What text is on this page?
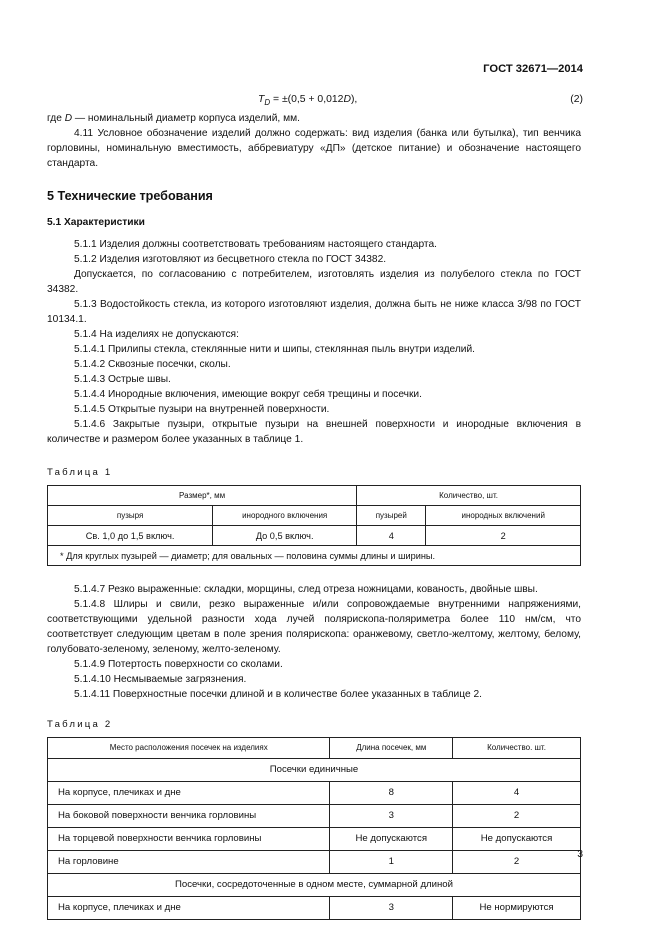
ГОСТ 32671—2014
$T_D = \pm(0,5 + 0,012D)$,	(2)

где D — номинальный диаметр корпуса изделий, мм.

4.11 Условное обозначение изделий должно содержать: вид изделия (банка или бутылка), тип венчика горловины, номинальную вместимость, аббревиатуру «ДП» (детское питание) и обозначение настоящего стандарта.

5 Технические требования
5.1 Характеристики

5.1.1 Изделия должны соответствовать требованиям настоящего стандарта.

5.1.2 Изделия изготовляют из бесцветного стекла по ГОСТ 34382.

Допускается, по согласованию с потребителем, изготовлять изделия из полубелого стекла по ГОСТ 34382.

5.1.3 Водостойкость стекла, из которого изготовляют изделия, должна быть не ниже класса 3/98 по ГОСТ 10134.1.

5.1.4 На изделиях не допускаются:

5.1.4.1 Прилипы стекла, стеклянные нити и шипы, стеклянная пыль внутри изделий.

5.1.4.2 Сквозные посечки, сколы.

5.1.4.3 Острые швы.

5.1.4.4 Инородные включения, имеющие вокруг себя трещины и посечки.

5.1.4.5 Открытые пузыри на внутренней поверхности.

5.1.4.6 Закрытые пузыри, открытые пузыри на внешней поверхности и инородные включения в количестве и размером более указанных в таблице 1.

Таблица 1
Размер*, мм		Количество, шт.	
пузыря	инородного включения	пузырей	инородных включений
Св. 1,0 до 1,5 включ.	До 0,5 включ.	4	2
* Для круглых пузырей — диаметр; для овальных — половина суммы длины и ширины.			

5.1.4.7 Резко выраженные: складки, морщины, след отреза ножницами, кованость, двойные швы.

5.1.4.8 Шлиры и свили, резко выраженные и/или сопровождаемые внутренними напряжениями, соответствующими удельной разности хода лучей полярископа-поляриметра более 110 нм/см, что соответствует следующим цветам в поле зрения полярископа: оранжевому, светло-желтому, желтому, белому, голубовато-зеленому, зеленому, желто-зеленому.

5.1.4.9 Потертость поверхности со сколами.

5.1.4.10 Несмываемые загрязнения.

5.1.4.11 Поверхностные посечки длиной и в количестве более указанных в таблице 2.

Таблица 2
Место расположения посечек на изделиях	Длина посечек, мм	Количество. шт.
Посечки единичные		
На корпусе, плечиках и дне	8	4
На боковой поверхности венчика горловины	3	2
На торцевой поверхности венчика горловины	Не допускаются	Не допускаются
На горловине	1	2
Посечки, сосредоточенные в одном месте, суммарной длиной		
На корпусе, плечиках и дне	3	Не нормируются
3
